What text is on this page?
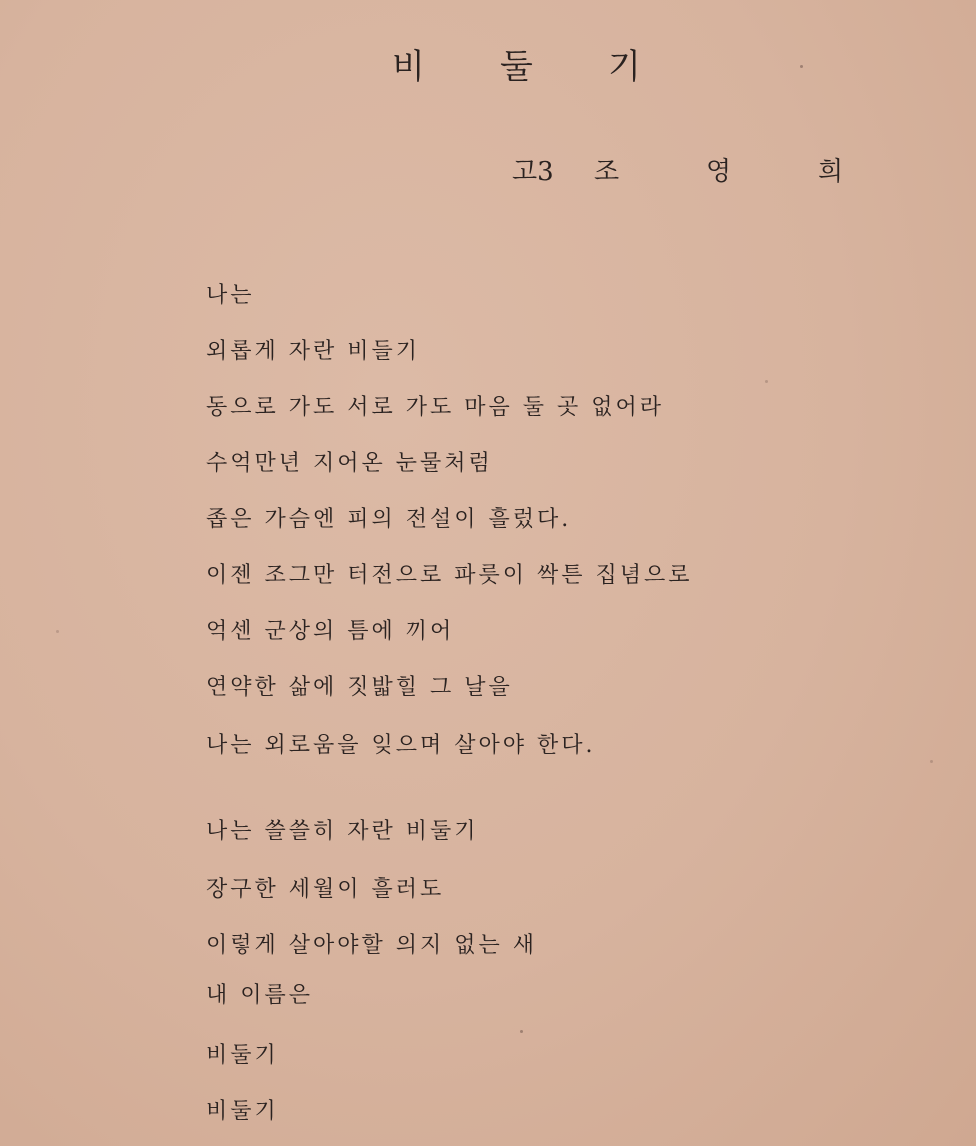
비	둘	기
고3	조	영	희
나는
외롭게 자란 비들기
동으로 가도 서로 가도 마음 둘 곳 없어라
수억만년 지어온 눈물처럼
좁은 가슴엔 피의 전설이 흘렀다.
이젠 조그만 터전으로 파릇이 싹튼 집념으로
억센 군상의 틈에 끼어
연약한 삶에 짓밟힐 그 날을
나는 외로움을 잊으며 살아야 한다.
나는 쓸쓸히 자란 비둘기
장구한 세월이 흘러도
이렇게 살아야할 의지 없는 새
내 이름은
비둘기
비둘기
